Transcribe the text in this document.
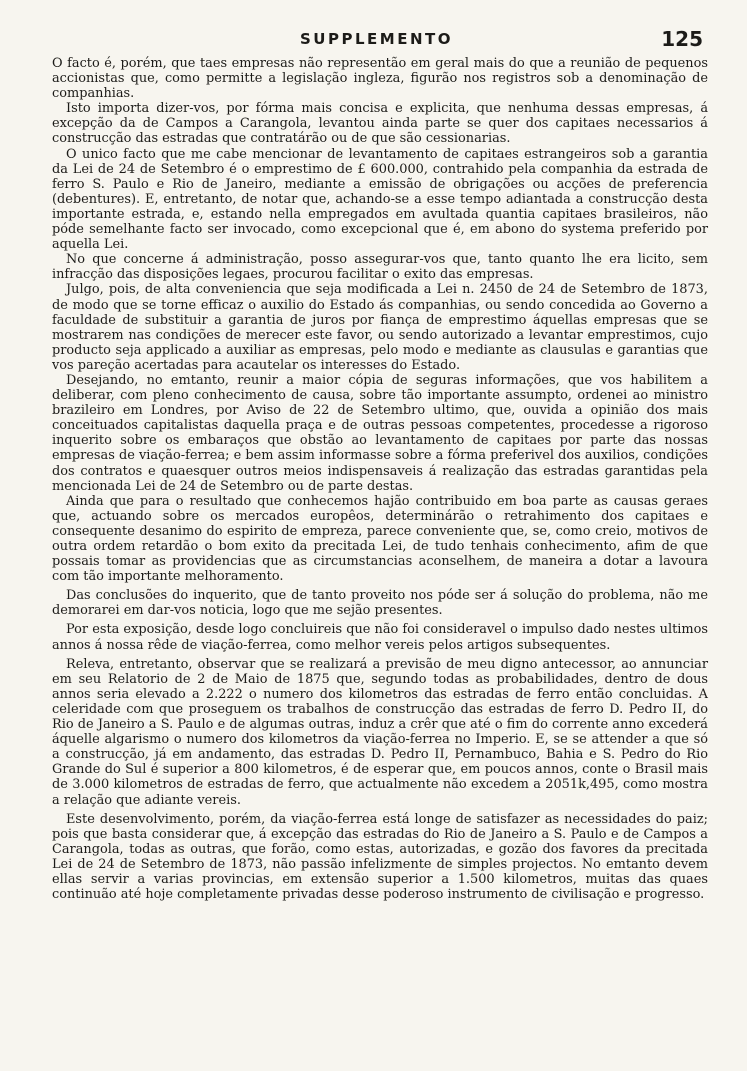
SUPPLEMENTO	125

O facto é, porém, que taes empresas não representão em geral mais do que a reunião de pequenos accionistas que, como permitte a legislação ingleza, figurão nos registros sob a denominação de companhias.

Isto importa dizer-vos, por fórma mais concisa e explicita, que nenhuma dessas empresas, á excepção da de Campos a Carangola, levantou ainda parte se quer dos capitaes necessarios á construcção das estradas que contratárão ou de que são cessionarias.

O unico facto que me cabe mencionar de levantamento de capitaes estrangeiros sob a garantia da Lei de 24 de Setembro é o emprestimo de £ 600.000, contrahido pela companhia da estrada de ferro S. Paulo e Rio de Janeiro, mediante a emissão de obrigações ou acções de preferencia (debentures). E, entretanto, de notar que, achando-se a esse tempo adiantada a construcção desta importante estrada, e, estando nella empregados em avultada quantia capitaes brasileiros, não póde semelhante facto ser invocado, como excepcional que é, em abono do systema preferido por aquella Lei.

No que concerne á administração, posso assegurar-vos que, tanto quanto lhe era licito, sem infracção das disposições legaes, procurou facilitar o exito das empresas.

Julgo, pois, de alta conveniencia que seja modificada a Lei n. 2450 de 24 de Setembro de 1873, de modo que se torne efficaz o auxilio do Estado ás companhias, ou sendo concedida ao Governo a faculdade de substituir a garantia de juros por fiança de emprestimo áquellas empresas que se mostrarem nas condições de merecer este favor, ou sendo autorizado a levantar emprestimos, cujo producto seja applicado a auxiliar as empresas, pelo modo e mediante as clausulas e garantias que vos pareção acertadas para acautelar os interesses do Estado.

Desejando, no emtanto, reunir a maior cópia de seguras informações, que vos habilitem a deliberar, com pleno conhecimento de causa, sobre tão importante assumpto, ordenei ao ministro brazileiro em Londres, por Aviso de 22 de Setembro ultimo, que, ouvida a opinião dos mais conceituados capitalistas daquella praça e de outras pessoas competentes, procedesse a rigoroso inquerito sobre os embaraços que obstão ao levantamento de capitaes por parte das nossas empresas de viação-ferrea; e bem assim informasse sobre a fórma preferivel dos auxilios, condições dos contratos e quaesquer outros meios indispensaveis á realização das estradas garantidas pela mencionada Lei de 24 de Setembro ou de parte destas.

Ainda que para o resultado que conhecemos hajão contribuido em boa parte as causas geraes que, actuando sobre os mercados europêos, determinárão o retrahimento dos capitaes e consequente desanimo do espirito de empreza, parece conveniente que, se, como creio, motivos de outra ordem retardão o bom exito da precitada Lei, de tudo tenhais conhecimento, afim de que possais tomar as providencias que as circumstancias aconselhem, de maneira a dotar a lavoura com tão importante melhoramento.

Das conclusões do inquerito, que de tanto proveito nos póde ser á solução do problema, não me demorarei em dar-vos noticia, logo que me sejão presentes.

Por esta exposição, desde logo concluireis que não foi consideravel o impulso dado nestes ultimos annos á nossa rêde de viação-ferrea, como melhor vereis pelos artigos subsequentes.

Releva, entretanto, observar que se realizará a previsão de meu digno antecessor, ao annunciar em seu Relatorio de 2 de Maio de 1875 que, segundo todas as probabilidades, dentro de dous annos seria elevado a 2.222 o numero dos kilometros das estradas de ferro então concluidas. A celeridade com que proseguem os trabalhos de construcção das estradas de ferro D. Pedro II, do Rio de Janeiro a S. Paulo e de algumas outras, induz a crêr que até o fim do corrente anno excederá áquelle algarismo o numero dos kilometros da viação-ferrea no Imperio. E, se se attender a que só a construcção, já em andamento, das estradas D. Pedro II, Pernambuco, Bahia e S. Pedro do Rio Grande do Sul é superior a 800 kilometros, é de esperar que, em poucos annos, conte o Brasil mais de 3.000 kilometros de estradas de ferro, que actualmente não excedem a 2051k,495, como mostra a relação que adiante vereis.

Este desenvolvimento, porém, da viação-ferrea está longe de satisfazer as necessidades do paiz; pois que basta considerar que, á excepção das estradas do Rio de Janeiro a S. Paulo e de Campos a Carangola, todas as outras, que forão, como estas, autorizadas, e gozão dos favores da precitada Lei de 24 de Setembro de 1873, não passão infelizmente de simples projectos. No emtanto devem ellas servir a varias provincias, em extensão superior a 1.500 kilometros, muitas das quaes continuão até hoje completamente privadas desse poderoso instrumento de civilisação e progresso.
